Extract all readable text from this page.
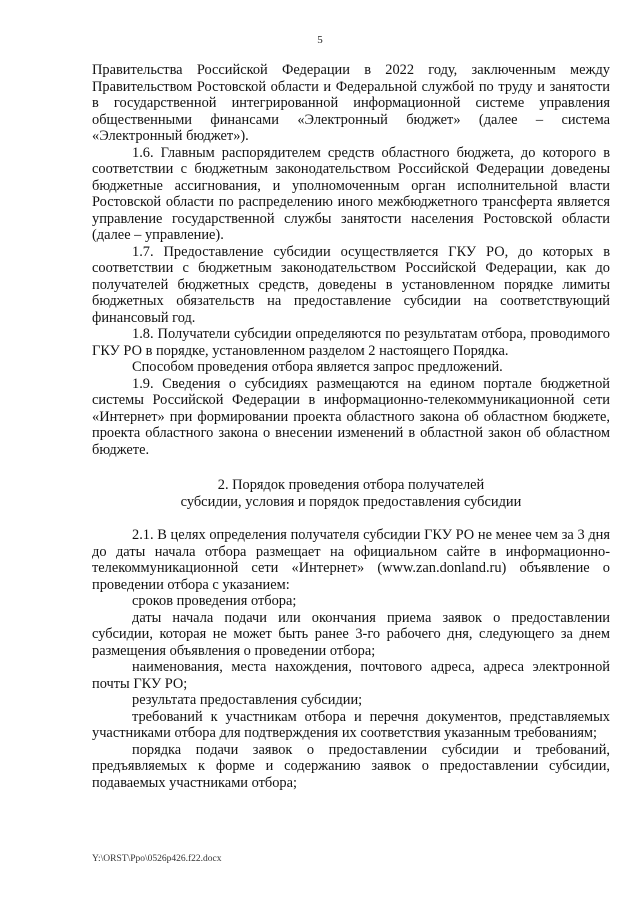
5

Правительства Российской Федерации в 2022 году, заключенным между Правительством Ростовской области и Федеральной службой по труду и занятости в государственной интегрированной информационной системе управления общественными финансами «Электронный бюджет» (далее – система «Электронный бюджет»).

1.6. Главным распорядителем средств областного бюджета, до которого в соответствии с бюджетным законодательством Российской Федерации доведены бюджетные ассигнования, и уполномоченным орган исполнительной власти Ростовской области по распределению иного межбюджетного трансферта является управление государственной службы занятости населения Ростовской области (далее – управление).

1.7. Предоставление субсидии осуществляется ГКУ РО, до которых в соответствии с бюджетным законодательством Российской Федерации, как до получателей бюджетных средств, доведены в установленном порядке лимиты бюджетных обязательств на предоставление субсидии на соответствующий финансовый год.

1.8. Получатели субсидии определяются по результатам отбора, проводимого ГКУ РО в порядке, установленном разделом 2 настоящего Порядка.

Способом проведения отбора является запрос предложений.

1.9. Сведения о субсидиях размещаются на едином портале бюджетной системы Российской Федерации в информационно-телекоммуникационной сети «Интернет» при формировании проекта областного закона об областном бюджете, проекта областного закона о внесении изменений в областной закон об областном бюджете.

2. Порядок проведения отбора получателей
субсидии, условия и порядок предоставления субсидии

2.1. В целях определения получателя субсидии ГКУ РО не менее чем за 3 дня до даты начала отбора размещает на официальном сайте в информационно-телекоммуникационной сети «Интернет» (www.zan.donland.ru) объявление о проведении отбора с указанием:

сроков проведения отбора;

даты начала подачи или окончания приема заявок о предоставлении субсидии, которая не может быть ранее 3-го рабочего дня, следующего за днем размещения объявления о проведении отбора;

наименования, места нахождения, почтового адреса, адреса электронной почты ГКУ РО;

результата предоставления субсидии;

требований к участникам отбора и перечня документов, представляемых участниками отбора для подтверждения их соответствия указанным требованиям;

порядка подачи заявок о предоставлении субсидии и требований, предъявляемых к форме и содержанию заявок о предоставлении субсидии, подаваемых участниками отбора;

Y:\ORST\Ppo\0526p426.f22.docx
